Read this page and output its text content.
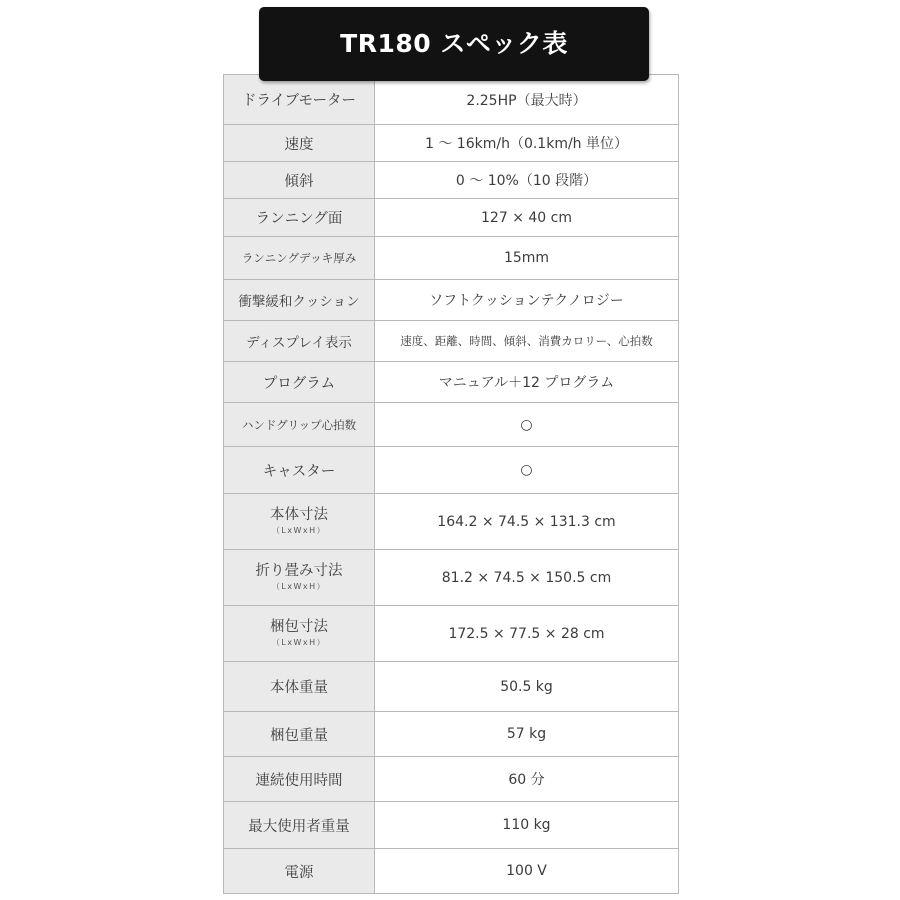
TR180 スペック表
ドライブモーター	2.25HP（最大時）
速度	1 〜 16km/h（0.1km/h 単位）
傾斜	0 〜 10%（10 段階）
ランニング面	127 × 40 cm
ランニングデッキ厚み	15mm
衝撃緩和クッション	ソフトクッションテクノロジー
ディスプレイ表示	速度、距離、時間、傾斜、消費カロリー、心拍数
プログラム	マニュアル＋12 プログラム
ハンドグリップ心拍数	○
キャスター	○

本体寸法
（LxWxH）	164.2 × 74.5 × 131.3 cm

折り畳み寸法
（LxWxH）	81.2 × 74.5 × 150.5 cm

梱包寸法
（LxWxH）	172.5 × 77.5 × 28 cm
本体重量	50.5 kg
梱包重量	57 kg
連続使用時間	60 分
最大使用者重量	110 kg
電源	100 V
